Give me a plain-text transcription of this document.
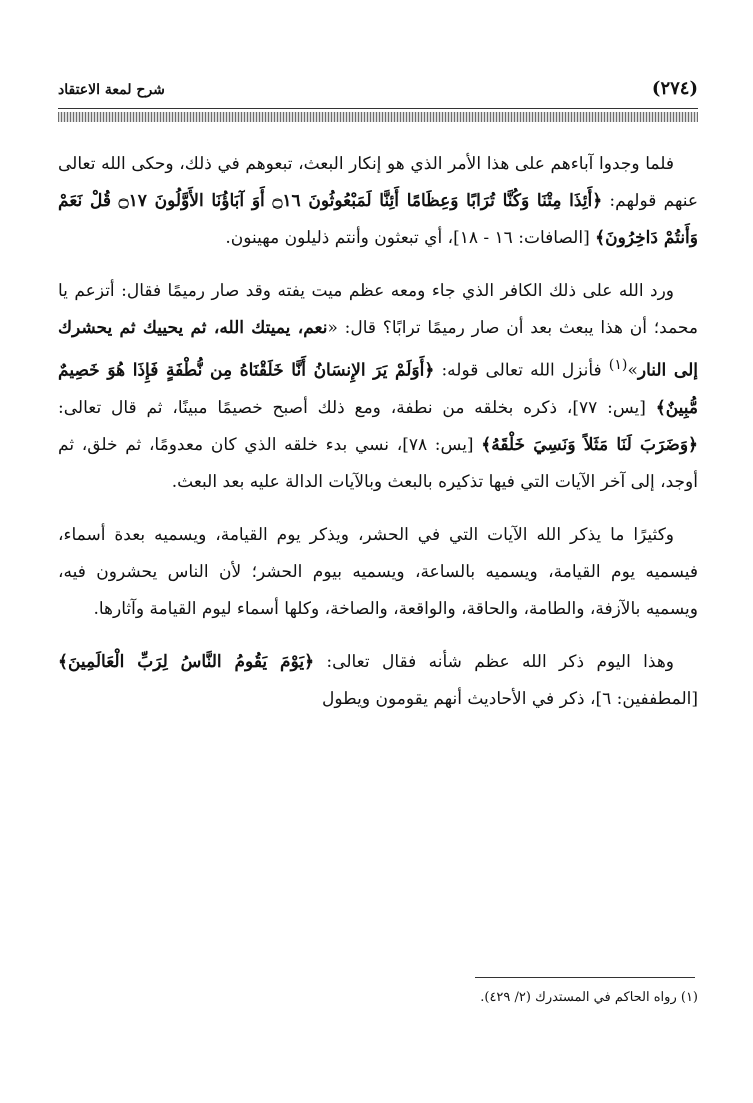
(٢٧٤)
شرح لمعة الاعتقاد

فلما وجدوا آباءهم على هذا الأمر الذي هو إنكار البعث، تبعوهم في ذلك، وحكى الله تعالى عنهم قولهم: ﴿أَئِذَا مِتْنَا وَكُنَّا تُرَابًا وَعِظَامًا أَئِنَّا لَمَبْعُوثُونَ ۝١٦ أَوَ آبَاؤُنَا الأَوَّلُونَ ۝١٧ قُلْ نَعَمْ وَأَنتُمْ دَاخِرُونَ﴾ [الصافات: ١٦ - ١٨]، أي تبعثون وأنتم ذليلون مهينون.

ورد الله على ذلك الكافر الذي جاء ومعه عظم ميت يفته وقد صار رميمًا فقال: أتزعم يا محمد؛ أن هذا يبعث بعد أن صار رميمًا ترابًا؟ قال: «نعم، يميتك الله، ثم يحييك ثم يحشرك إلى النار»$^{(١)}$ فأنزل الله تعالى قوله: ﴿أَوَلَمْ يَرَ الإِنسَانُ أَنَّا خَلَقْنَاهُ مِن نُّطْفَةٍ فَإِذَا هُوَ خَصِيمٌ مُّبِينٌ﴾ [يس: ٧٧]، ذكره بخلقه من نطفة، ومع ذلك أصبح خصيمًا مبينًا، ثم قال تعالى: ﴿وَضَرَبَ لَنَا مَثَلاً وَنَسِيَ خَلْقَهُ﴾ [يس: ٧٨]، نسي بدء خلقه الذي كان معدومًا، ثم خلق، ثم أوجد، إلى آخر الآيات التي فيها تذكيره بالبعث وبالآيات الدالة عليه بعد البعث.

وكثيرًا ما يذكر الله الآيات التي في الحشر، ويذكر يوم القيامة، ويسميه بعدة أسماء، فيسميه يوم القيامة، ويسميه بالساعة، ويسميه بيوم الحشر؛ لأن الناس يحشرون فيه، ويسميه بالآزفة، والطامة، والحاقة، والواقعة، والصاخة، وكلها أسماء ليوم القيامة وآثارها.

وهذا اليوم ذكر الله عظم شأنه فقال تعالى: ﴿يَوْمَ يَقُومُ النَّاسُ لِرَبِّ الْعَالَمِينَ﴾ [المطففين: ٦]، ذكر في الأحاديث أنهم يقومون ويطول

(١) رواه الحاكم في المستدرك (٢/ ٤٢٩).
